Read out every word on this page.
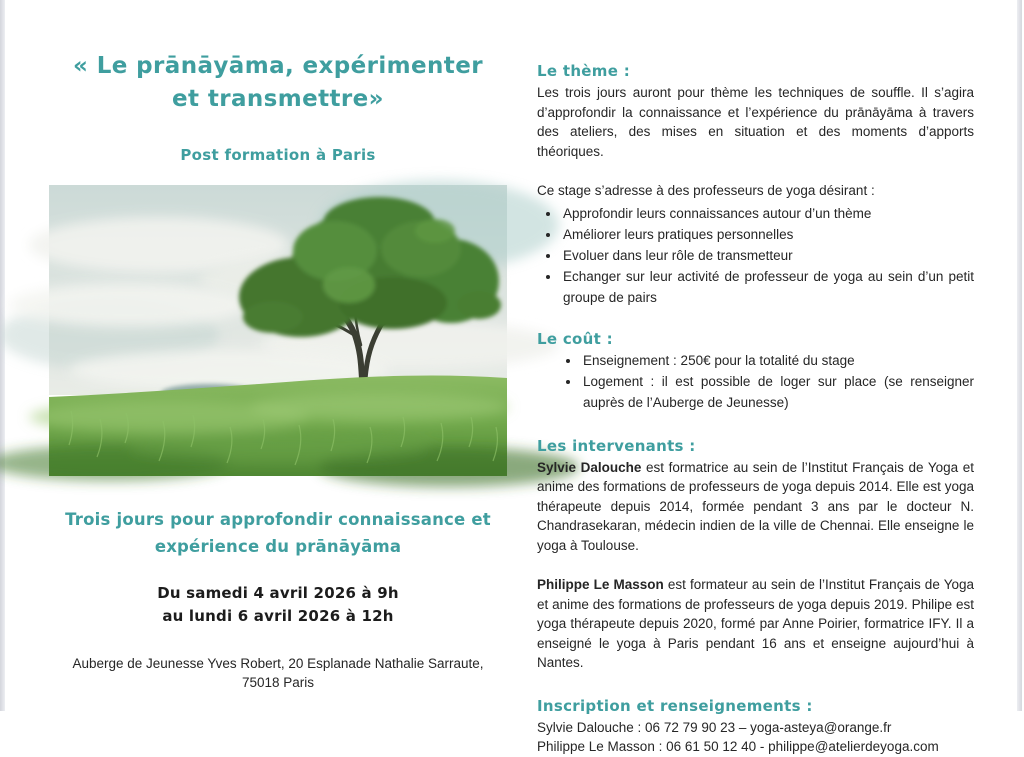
« Le prānāyāma, expérimenter
et transmettre»
Post formation à Paris
Trois jours pour approfondir connaissance et
expérience du prānāyāma
Du samedi 4 avril 2026 à 9h
au lundi 6 avril 2026 à 12h
Auberge de Jeunesse Yves Robert, 20 Esplanade Nathalie Sarraute,
75018 Paris
Le thème :

Les trois jours auront pour thème les techniques de souffle. Il s’agira d’approfondir la connaissance et l’expérience du prānāyāma à travers des ateliers, des mises en situation et des moments d’apports théoriques.

Ce stage s’adresse à des professeurs de yoga désirant :

• Approfondir leurs connaissances autour d’un thème
• Améliorer leurs pratiques personnelles
• Evoluer dans leur rôle de transmetteur
• Echanger sur leur activité de professeur de yoga au sein d’un petit groupe de pairs
Le coût :
• Enseignement : 250€ pour la totalité du stage
• Logement : il est possible de loger sur place (se renseigner auprès de l’Auberge de Jeunesse)
Les intervenants :

Sylvie Dalouche est formatrice au sein de l’Institut Français de Yoga et anime des formations de professeurs de yoga depuis 2014. Elle est yoga thérapeute depuis 2014, formée pendant 3 ans par le docteur N. Chandrasekaran, médecin indien de la ville de Chennai. Elle enseigne le yoga à Toulouse.

Philippe Le Masson est formateur au sein de l’Institut Français de Yoga et anime des formations de professeurs de yoga depuis 2019. Philipe est yoga thérapeute depuis 2020, formé par Anne Poirier, formatrice IFY. Il a enseigné le yoga à Paris pendant 16 ans et enseigne aujourd’hui à Nantes.

Inscription et renseignements :

Sylvie Dalouche : 06 72 79 90 23 – yoga-asteya@orange.fr

Philippe Le Masson : 06 61 50 12 40 - philippe@atelierdeyoga.com
